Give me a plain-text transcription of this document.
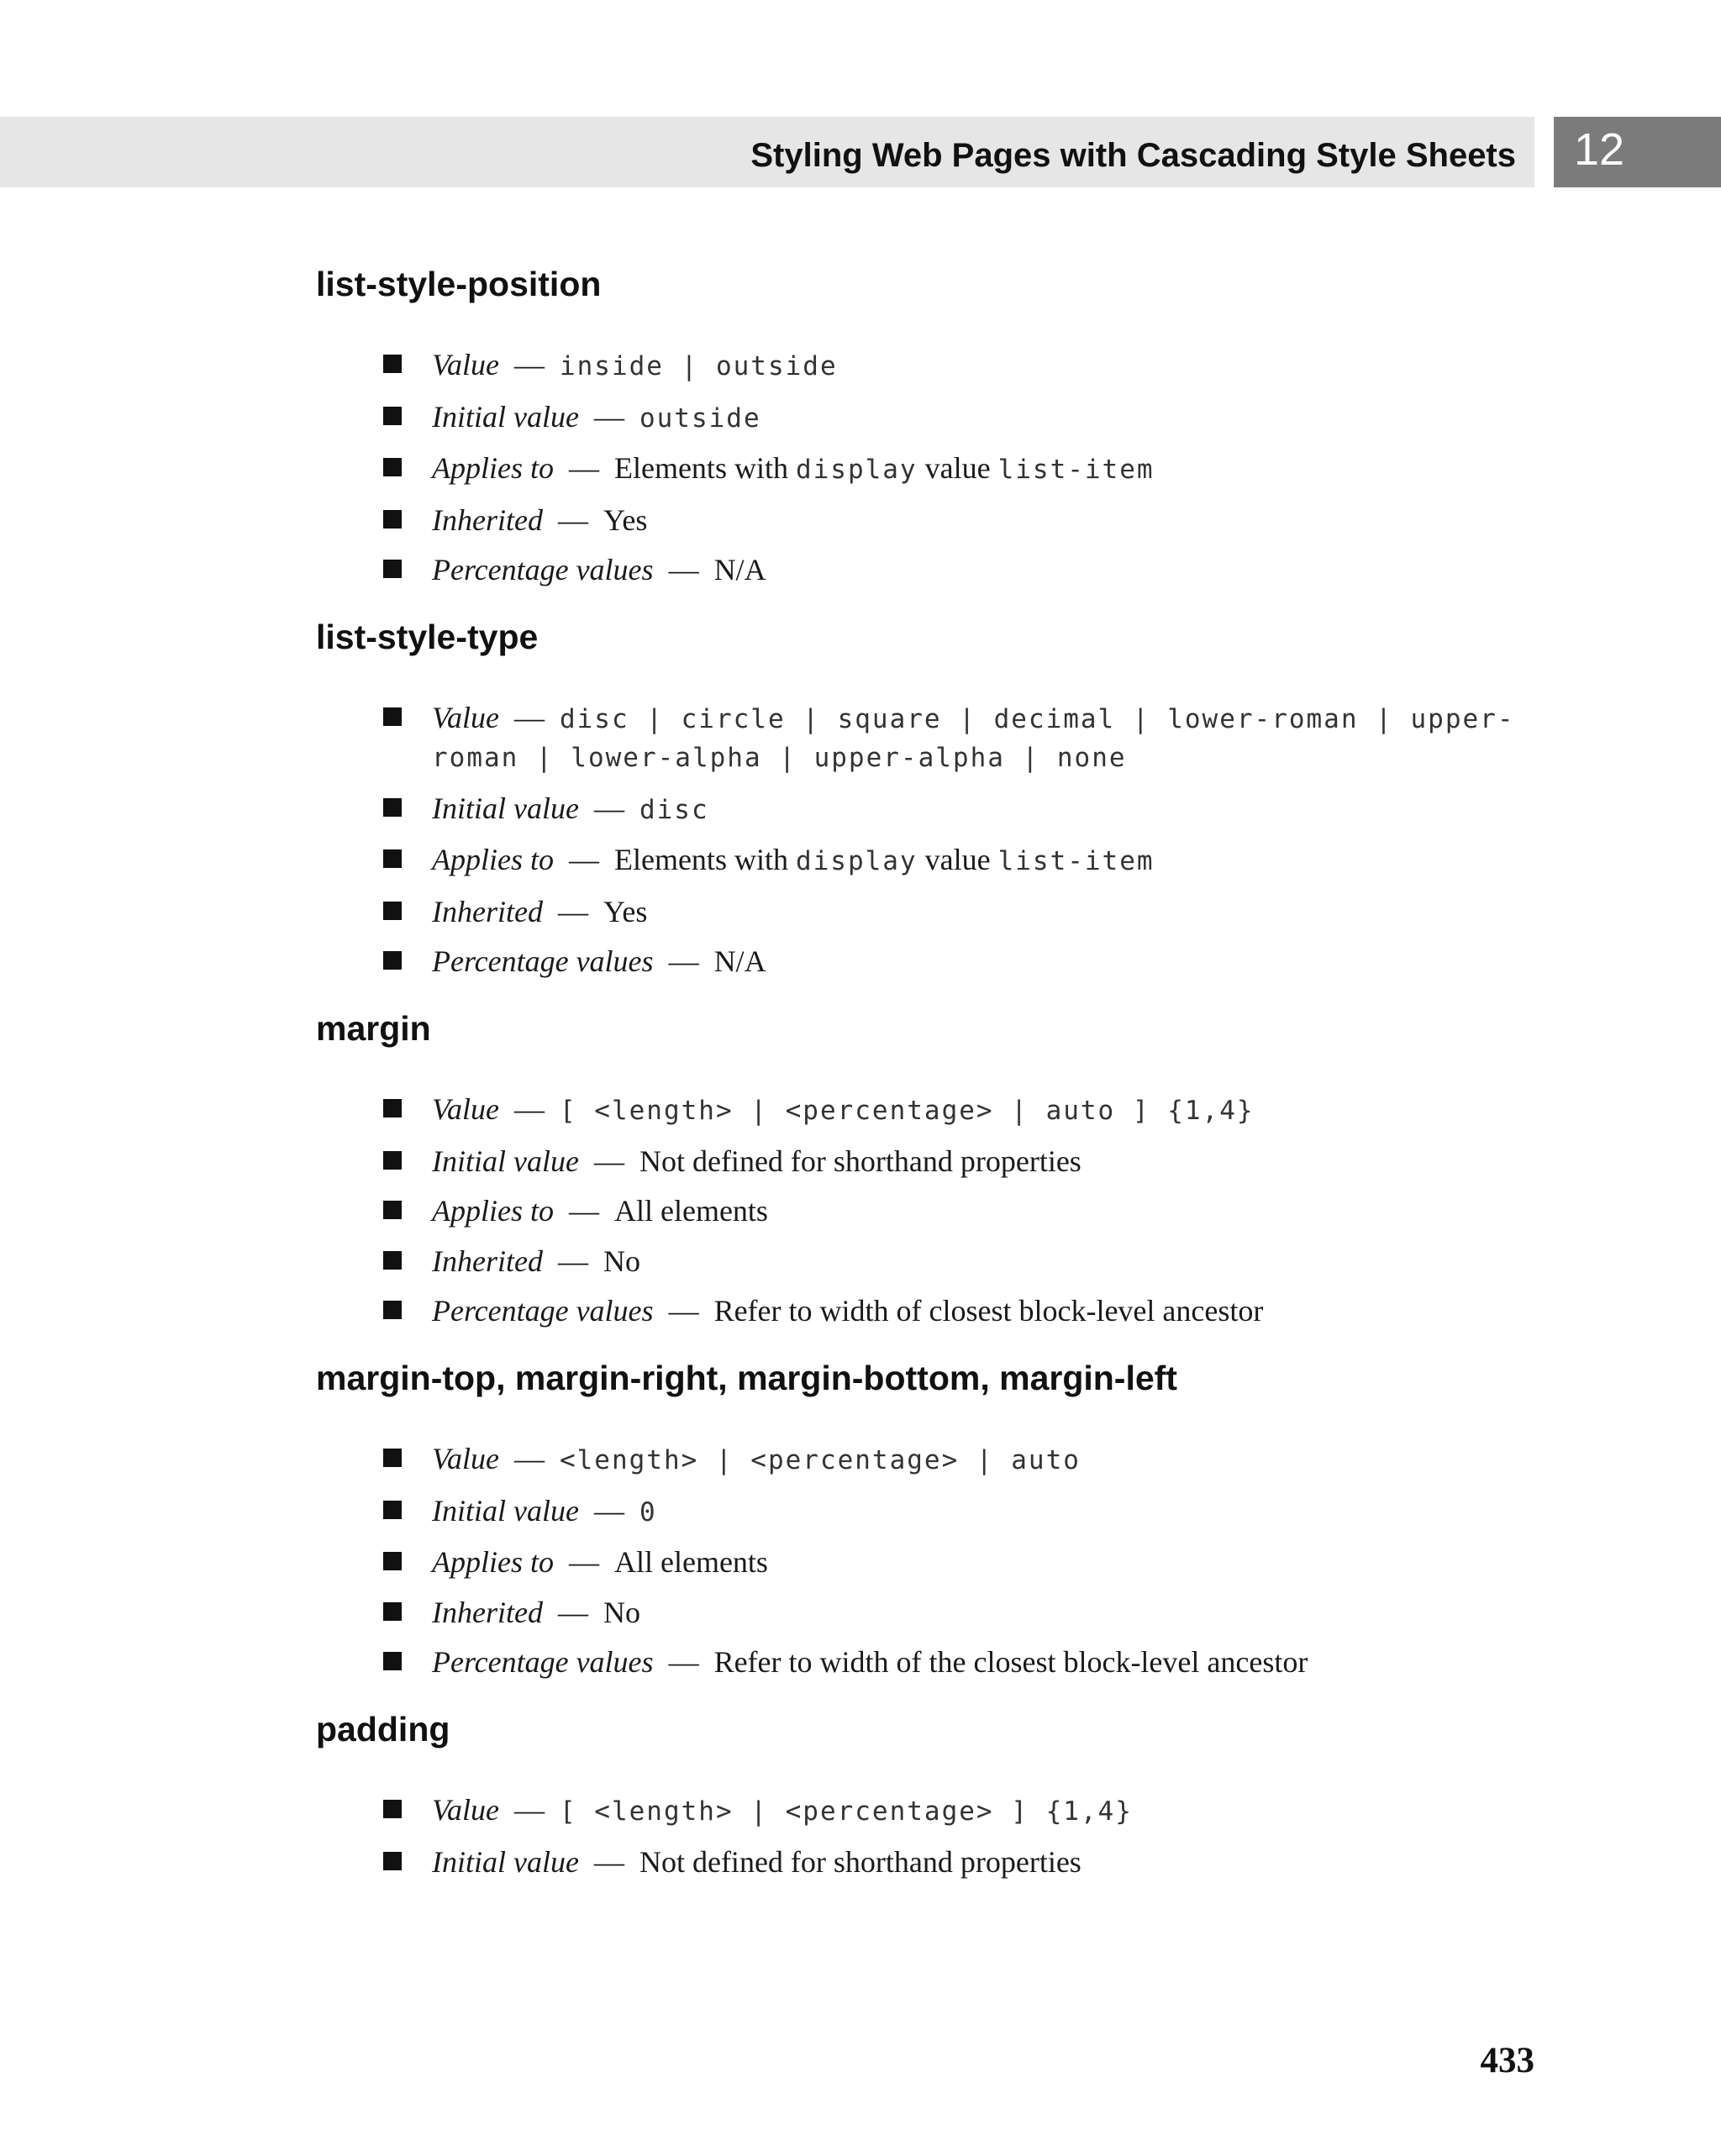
Styling Web Pages with Cascading Style Sheets 12
list-style-position
Value — inside | outside
Initial value — outside
Applies to — Elements with display value list-item
Inherited — Yes
Percentage values — N/A
list-style-type
Value — disc | circle | square | decimal | lower-roman | upper-roman | lower-alpha | upper-alpha | none
Initial value — disc
Applies to — Elements with display value list-item
Inherited — Yes
Percentage values — N/A
margin
Value — [ <length> | <percentage> | auto ] {1,4}
Initial value — Not defined for shorthand properties
Applies to — All elements
Inherited — No
Percentage values — Refer to width of closest block-level ancestor
margin-top, margin-right, margin-bottom, margin-left
Value — <length> | <percentage> | auto
Initial value — 0
Applies to — All elements
Inherited — No
Percentage values — Refer to width of the closest block-level ancestor
padding
Value — [ <length> | <percentage> ] {1,4}
Initial value — Not defined for shorthand properties
433
